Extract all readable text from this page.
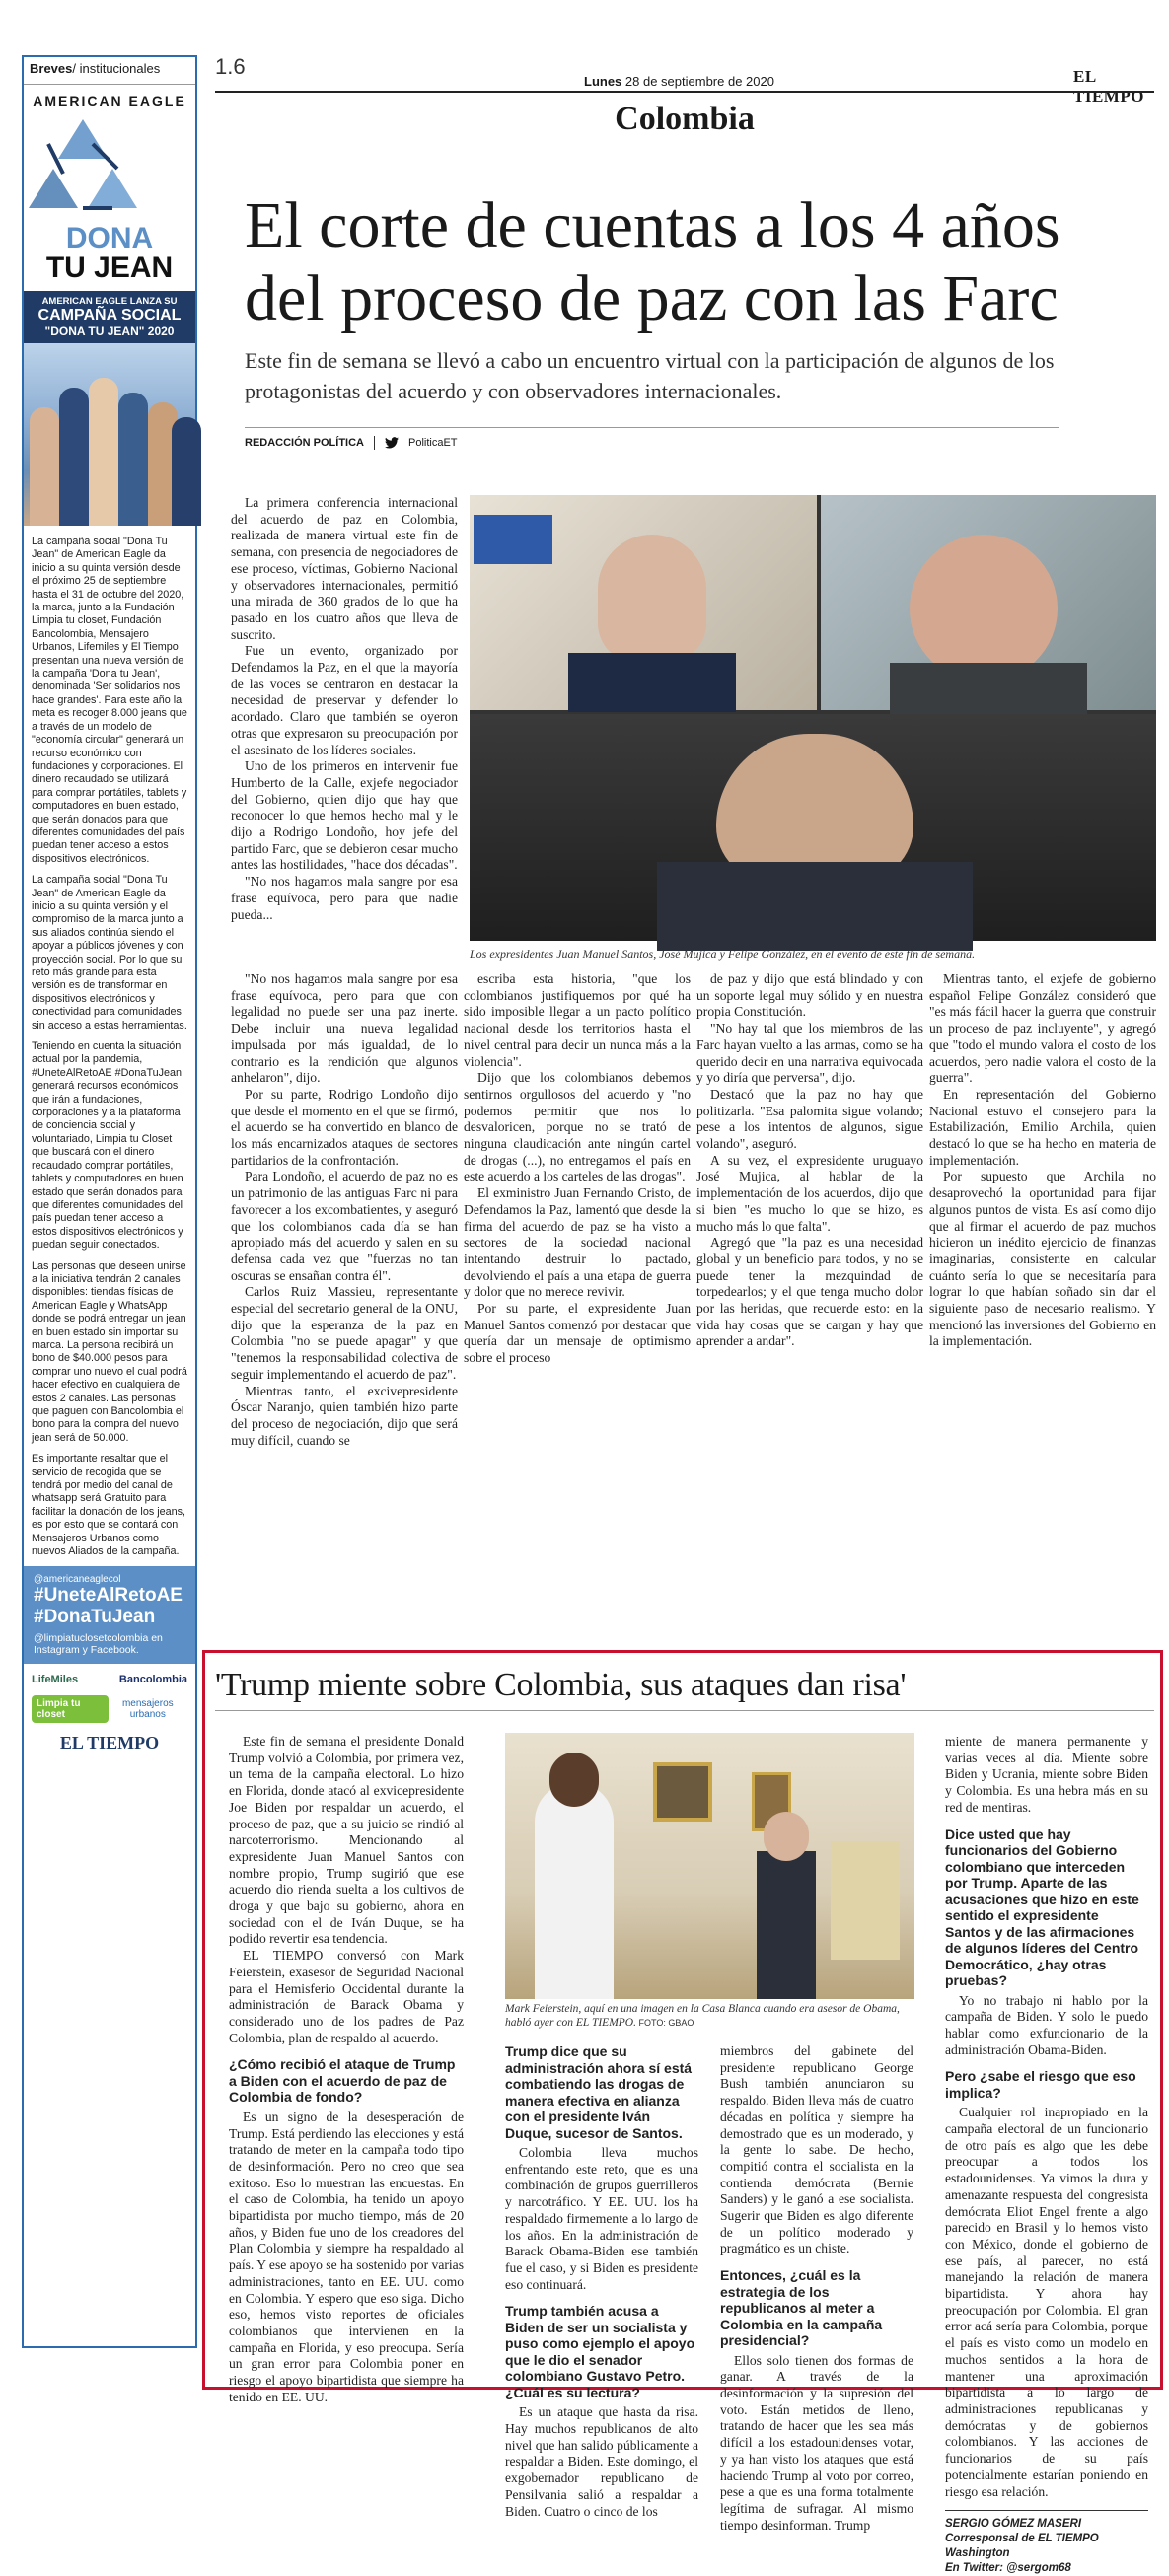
Breves/ institucionales
AMERICAN EAGLE
DONA
TU JEAN
AMERICAN EAGLE LANZA SU
CAMPAÑA SOCIAL
"DONA TU JEAN" 2020

La campaña social "Dona Tu Jean" de American Eagle da inicio a su quinta versión desde el próximo 25 de septiembre hasta el 31 de octubre del 2020, la marca, junto a la Fundación Limpia tu closet, Fundación Bancolombia, Mensajero Urbanos, Lifemiles y El Tiempo presentan una nueva versión de la campaña 'Dona tu Jean', denominada 'Ser solidarios nos hace grandes'. Para este año la meta es recoger 8.000 jeans que a través de un modelo de "economía circular" generará un recurso económico con fundaciones y corporaciones. El dinero recaudado se utilizará para comprar portátiles, tablets y computadores en buen estado, que serán donados para que diferentes comunidades del país puedan tener acceso a estos dispositivos electrónicos.

La campaña social "Dona Tu Jean" de American Eagle da inicio a su quinta versión y el compromiso de la marca junto a sus aliados continúa siendo el apoyar a públicos jóvenes y con proyección social. Por lo que su reto más grande para esta versión es de transformar en dispositivos electrónicos y conectividad para comunidades sin acceso a estas herramientas.

Teniendo en cuenta la situación actual por la pandemia, #UneteAlRetoAE #DonaTuJean generará recursos económicos que irán a fundaciones, corporaciones y a la plataforma de conciencia social y voluntariado, Limpia tu Closet que buscará con el dinero recaudado comprar portátiles, tablets y computadores en buen estado que serán donados para que diferentes comunidades del país puedan tener acceso a estos dispositivos electrónicos y puedan seguir conectados.

Las personas que deseen unirse a la iniciativa tendrán 2 canales disponibles: tiendas físicas de American Eagle y WhatsApp donde se podrá entregar un jean en buen estado sin importar su marca. La persona recibirá un bono de $40.000 pesos para comprar uno nuevo el cual podrá hacer efectivo en cualquiera de estos 2 canales. Las personas que paguen con Bancolombia el bono para la compra del nuevo jean será de 50.000.

Es importante resaltar que el servicio de recogida que se tendrá por medio del canal de whatsapp será Gratuito para facilitar la donación de los jeans, es por esto que se contará con Mensajeros Urbanos como nuevos Aliados de la campaña.

@americaneaglecol
#UneteAlRetoAE
#DonaTuJean
@limpiatuclosetcolombia en Instagram y Facebook.
LifeMiles	Bancolombia
Limpia tu closet
mensajeros urbanos
EL TIEMPO
1.6
Lunes 28 de septiembre de 2020	EL TIEMPO
Colombia
El corte de cuentas a los 4 años del proceso de paz con las Farc
Este fin de semana se llevó a cabo un encuentro virtual con la participación de algunos de los protagonistas del acuerdo y con observadores internacionales.
REDACCIÓN POLÍTICA	PoliticaET

La primera conferencia internacional del acuerdo de paz en Colombia, realizada de manera virtual este fin de semana, con presencia de negociadores de ese proceso, víctimas, Gobierno Nacional y observadores internacionales, permitió una mirada de 360 grados de lo que ha pasado en los cuatro años que lleva de suscrito.

Fue un evento, organizado por Defendamos la Paz, en el que la mayoría de las voces se centraron en destacar la necesidad de preservar y defender lo acordado. Claro que también se oyeron otras que expresaron su preocupación por el asesinato de los líderes sociales.

Uno de los primeros en intervenir fue Humberto de la Calle, exjefe negociador del Gobierno, quien dijo que hay que reconocer lo que hemos hecho mal y le dijo a Rodrigo Londoño, hoy jefe del partido Farc, que se debieron cesar mucho antes las hostilidades, "hace dos décadas".

"No nos hagamos mala sangre por esa frase equívoca, pero para que nadie pueda...

Los expresidentes Juan Manuel Santos, José Mujica y Felipe González, en el evento de este fin de semana.

"No nos hagamos mala sangre por esa frase equívoca, pero para que con legalidad no puede ser una paz inerte. Debe incluir una nueva legalidad impulsada por más igualdad, de lo contrario es la rendición que algunos anhelaron", dijo.

Por su parte, Rodrigo Londoño dijo que desde el momento en el que se firmó, el acuerdo se ha convertido en blanco de los más encarnizados ataques de sectores partidarios de la confrontación.

Para Londoño, el acuerdo de paz no es un patrimonio de las antiguas Farc ni para favorecer a los excombatientes, y aseguró que los colombianos cada día se han apropiado más del acuerdo y salen en su defensa cada vez que "fuerzas no tan oscuras se ensañan contra él".

Carlos Ruiz Massieu, representante especial del secretario general de la ONU, dijo que la esperanza de la paz en Colombia "no se puede apagar" y que "tenemos la responsabilidad colectiva de seguir implementando el acuerdo de paz".

Mientras tanto, el excivepresidente Óscar Naranjo, quien también hizo parte del proceso de negociación, dijo que será muy difícil, cuando se

escriba esta historia, "que los colombianos justifiquemos por qué ha sido imposible llegar a un pacto político nacional desde los territorios hasta el nivel central para decir un nunca más a la violencia".

Dijo que los colombianos debemos sentirnos orgullosos del acuerdo y "no podemos permitir que nos lo desvaloricen, porque no se trató de ninguna claudicación ante ningún cartel de drogas (...), no entregamos el país en este acuerdo a los carteles de las drogas".

El exministro Juan Fernando Cristo, de Defendamos la Paz, lamentó que desde la firma del acuerdo de paz se ha visto a sectores de la sociedad nacional intentando destruir lo pactado, devolviendo el país a una etapa de guerra y dolor que no merece revivir.

Por su parte, el expresidente Juan Manuel Santos comenzó por destacar que quería dar un mensaje de optimismo sobre el proceso

de paz y dijo que está blindado y con un soporte legal muy sólido y en nuestra propia Constitución.

"No hay tal que los miembros de las Farc hayan vuelto a las armas, como se ha querido decir en una narrativa equivocada y yo diría que perversa", dijo.

Destacó que la paz no hay que politizarla. "Esa palomita sigue volando; pese a los intentos de algunos, sigue volando", aseguró.

A su vez, el expresidente uruguayo José Mujica, al hablar de la implementación de los acuerdos, dijo que si bien "es mucho lo que se hizo, es mucho más lo que falta".

Agregó que "la paz es una necesidad global y un beneficio para todos, y no se puede tener la mezquindad de torpedearlos; y el que tenga mucho dolor por las heridas, que recuerde esto: en la vida hay cosas que se cargan y hay que aprender a andar".

Mientras tanto, el exjefe de gobierno español Felipe González consideró que "es más fácil hacer la guerra que construir un proceso de paz incluyente", y agregó que "todo el mundo valora el costo de los acuerdos, pero nadie valora el costo de la guerra".

En representación del Gobierno Nacional estuvo el consejero para la Estabilización, Emilio Archila, quien destacó lo que se ha hecho en materia de implementación.

Por supuesto que Archila no desaprovechó la oportunidad para fijar algunos puntos de vista. Es así como dijo que al firmar el acuerdo de paz muchos hicieron un inédito ejercicio de finanzas imaginarias, consistente en calcular cuánto sería lo que se necesitaría para lograr lo que habían soñado sin dar el siguiente paso de necesario realismo. Y mencionó las inversiones del Gobierno en la implementación.

'Trump miente sobre Colombia, sus ataques dan risa'

Este fin de semana el presidente Donald Trump volvió a Colombia, por primera vez, un tema de la campaña electoral. Lo hizo en Florida, donde atacó al exvicepresidente Joe Biden por respaldar un acuerdo, el proceso de paz, que a su juicio se rindió al narcoterrorismo. Mencionando al expresidente Juan Manuel Santos con nombre propio, Trump sugirió que ese acuerdo dio rienda suelta a los cultivos de droga y que bajo su gobierno, ahora en sociedad con el de Iván Duque, se ha podido revertir esa tendencia.

EL TIEMPO conversó con Mark Feierstein, exasesor de Seguridad Nacional para el Hemisferio Occidental durante la administración de Barack Obama y considerado uno de los padres de Paz Colombia, plan de respaldo al acuerdo.

¿Cómo recibió el ataque de Trump a Biden con el acuerdo de paz de Colombia de fondo?

Es un signo de la desesperación de Trump. Está perdiendo las elecciones y está tratando de meter en la campaña todo tipo de desinformación. Pero no creo que sea exitoso. Eso lo muestran las encuestas. En el caso de Colombia, ha tenido un apoyo bipartidista por mucho tiempo, más de 20 años, y Biden fue uno de los creadores del Plan Colombia y siempre ha respaldado al país. Y ese apoyo se ha sostenido por varias administraciones, tanto en EE. UU. como en Colombia. Y espero que eso siga. Dicho eso, hemos visto reportes de oficiales colombianos que intervienen en la campaña en Florida, y eso preocupa. Sería un gran error para Colombia poner en riesgo el apoyo bipartidista que siempre ha tenido en EE. UU.

Mark Feierstein, aquí en una imagen en la Casa Blanca cuando era asesor de Obama, habló ayer con EL TIEMPO. FOTO: GBAO
Trump dice que su administración ahora sí está combatiendo las drogas de manera efectiva en alianza con el presidente Iván Duque, sucesor de Santos.

Colombia lleva muchos enfrentando este reto, que es una combinación de grupos guerrilleros y narcotráfico. Y EE. UU. los ha respaldado firmemente a lo largo de los años. En la administración de Barack Obama-Biden ese también fue el caso, y si Biden es presidente eso continuará.

Trump también acusa a Biden de ser un socialista y puso como ejemplo el apoyo que le dio el senador colombiano Gustavo Petro. ¿Cuál es su lectura?

Es un ataque que hasta da risa. Hay muchos republicanos de alto nivel que han salido públicamente a respaldar a Biden. Este domingo, el exgobernador republicano de Pensilvania salió a respaldar a Biden. Cuatro o cinco de los

miembros del gabinete del presidente republicano George Bush también anunciaron su respaldo. Biden lleva más de cuatro décadas en política y siempre ha demostrado que es un moderado, y la gente lo sabe. De hecho, compitió contra el socialista en la contienda demócrata (Bernie Sanders) y le ganó a ese socialista. Sugerir que Biden es algo diferente de un político moderado y pragmático es un chiste.

Entonces, ¿cuál es la estrategia de los republicanos al meter a Colombia en la campaña presidencial?

Ellos solo tienen dos formas de ganar. A través de la desinformación y la supresión del voto. Están metidos de lleno, tratando de hacer que les sea más difícil a los estadounidenses votar, y ya han visto los ataques que está haciendo Trump al voto por correo, pese a que es una forma totalmente legítima de sufragar. Al mismo tiempo desinforman. Trump

miente de manera permanente y varias veces al día. Miente sobre Biden y Ucrania, miente sobre Biden y Colombia. Es una hebra más en su red de mentiras.

Dice usted que hay funcionarios del Gobierno colombiano que interceden por Trump. Aparte de las acusaciones que hizo en este sentido el expresidente Santos y de las afirmaciones de algunos líderes del Centro Democrático, ¿hay otras pruebas?

Yo no trabajo ni hablo por la campaña de Biden. Y solo le puedo hablar como exfuncionario de la administración Obama-Biden.

Pero ¿sabe el riesgo que eso implica?

Cualquier rol inapropiado en la campaña electoral de un funcionario de otro país es algo que les debe preocupar a todos los estadounidenses. Ya vimos la dura y amenazante respuesta del congresista demócrata Eliot Engel frente a algo parecido en Brasil y lo hemos visto con México, donde el gobierno de ese país, al parecer, no está manejando la relación de manera bipartidista. Y ahora hay preocupación por Colombia. El gran error acá sería para Colombia, porque el país es visto como un modelo en muchos sentidos a la hora de mantener una aproximación bipartidista a lo largo de administraciones republicanas y demócratas y de gobiernos colombianos. Y las acciones de funcionarios de su país potencialmente estarían poniendo en riesgo esa relación.

SERGIO GÓMEZ MASERI
Corresponsal de EL TIEMPO
Washington
En Twitter: @sergom68
